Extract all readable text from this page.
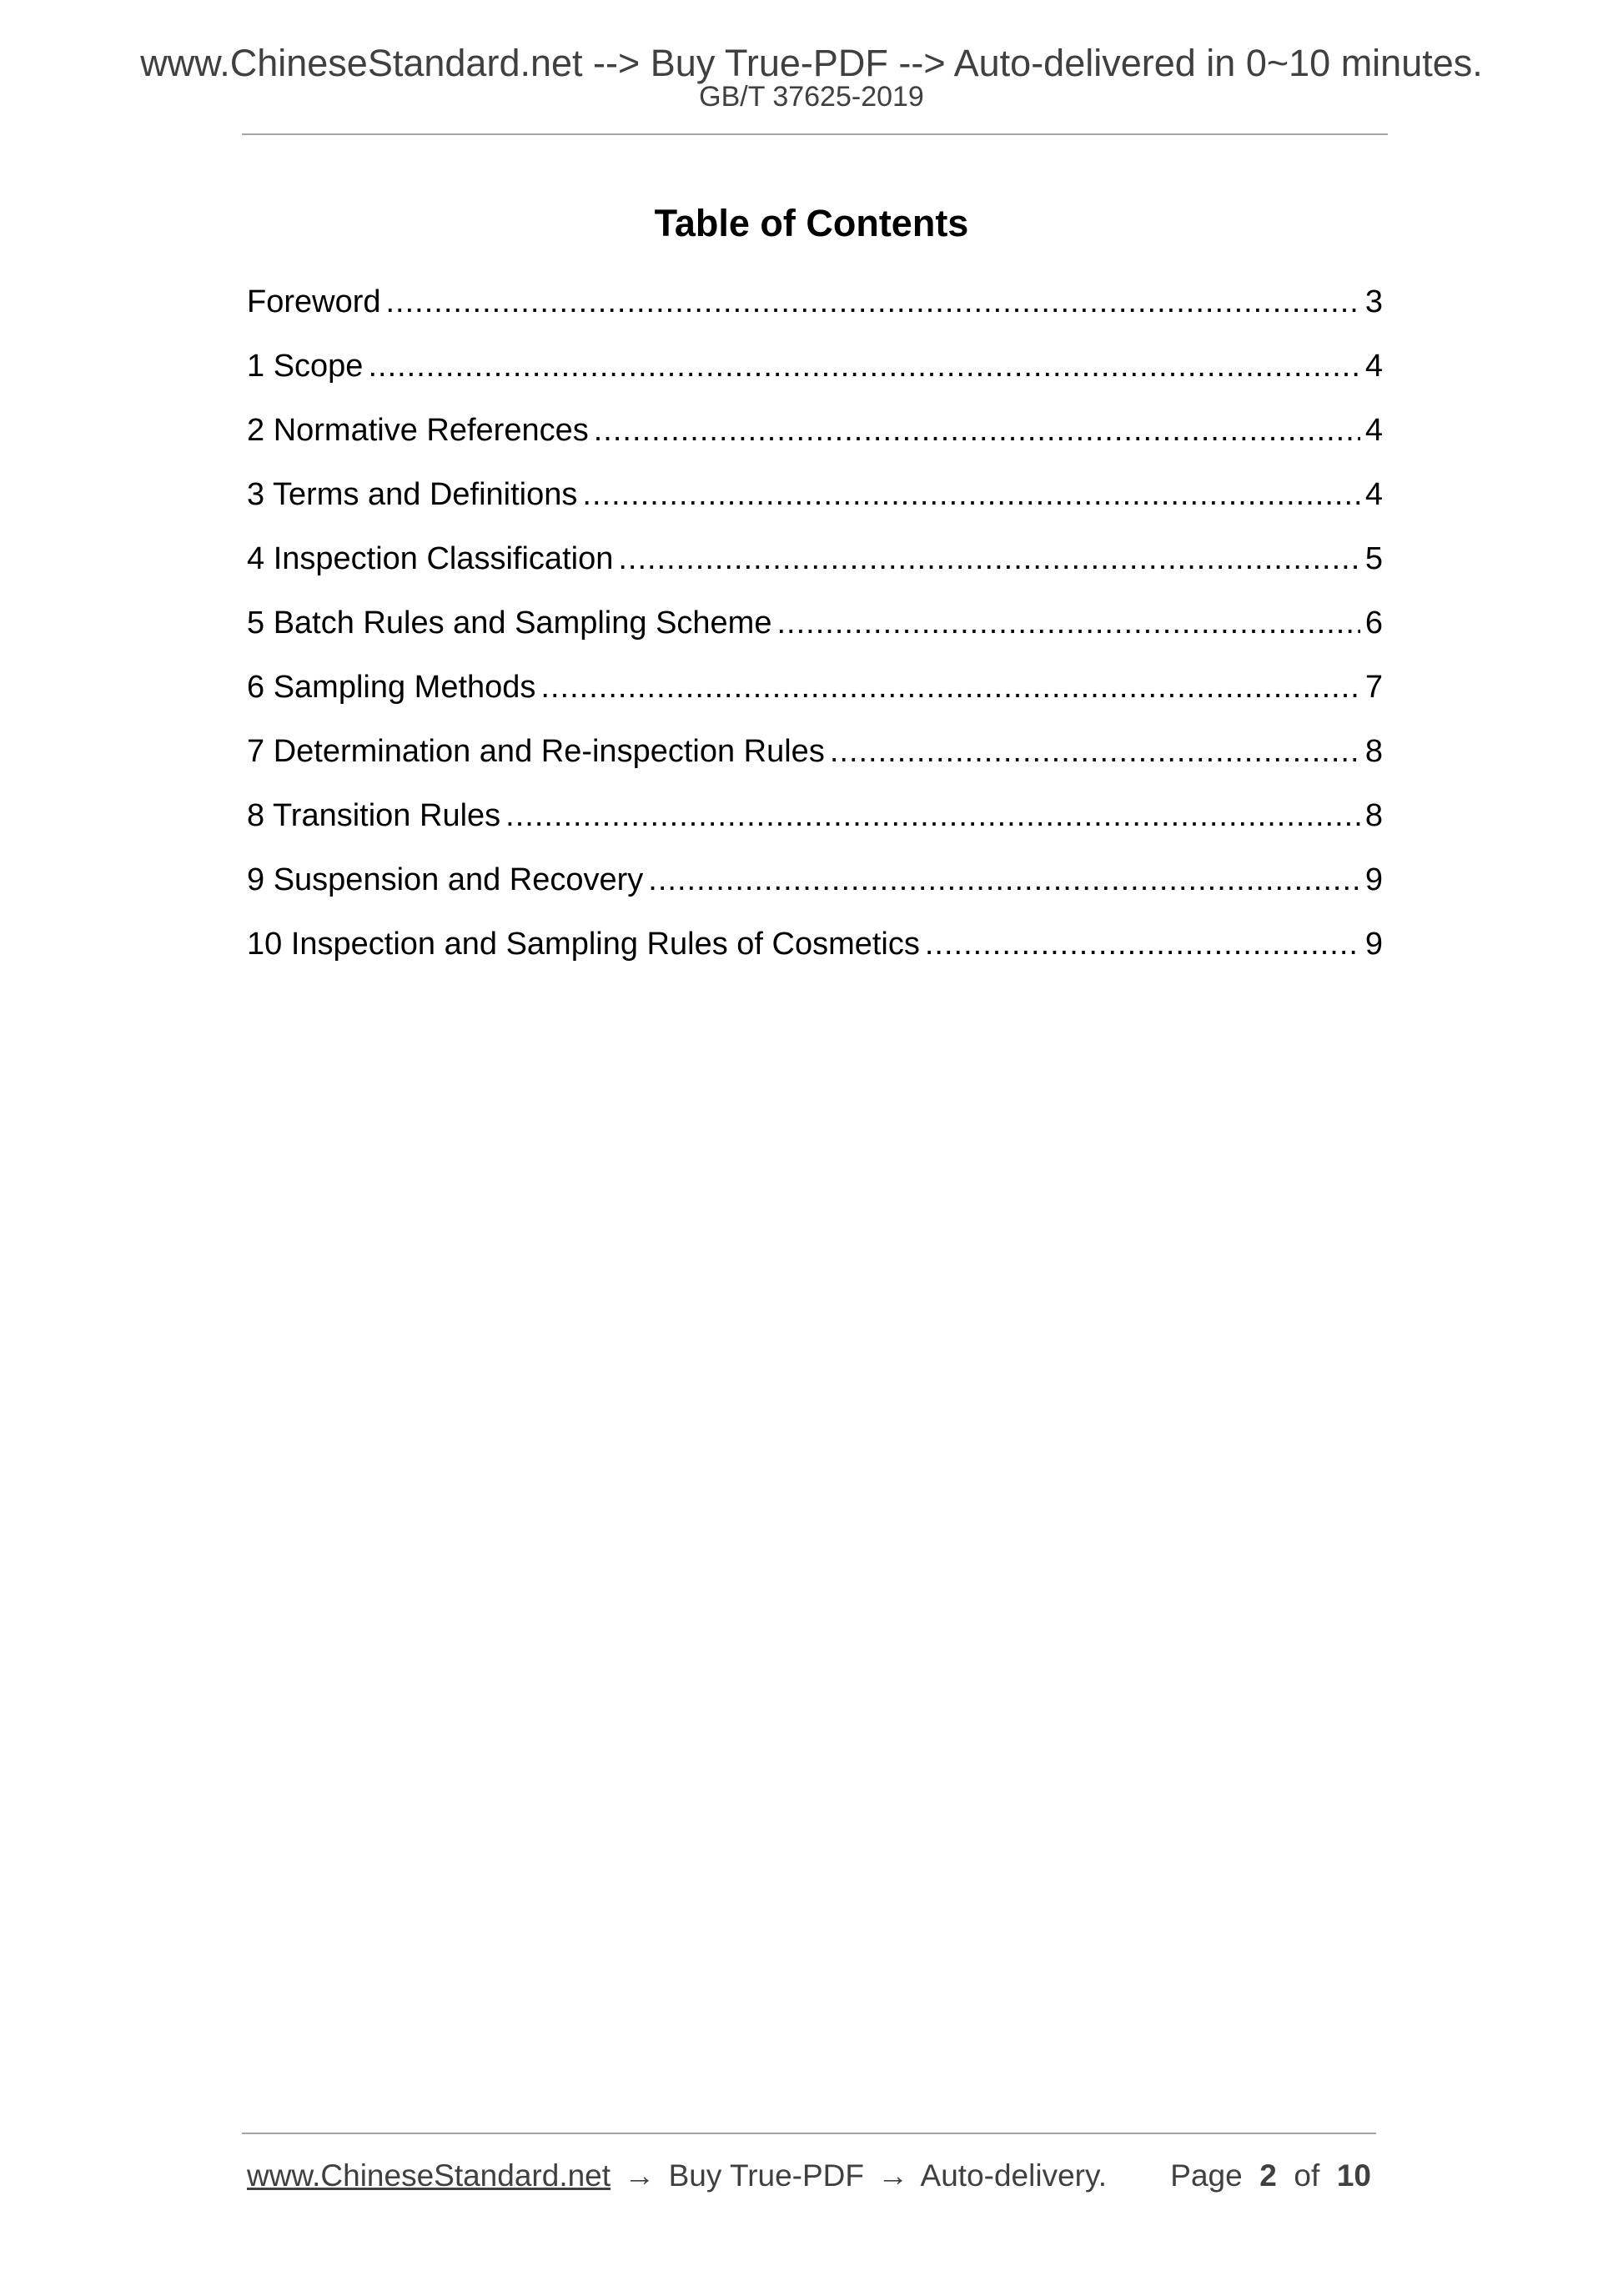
www.ChineseStandard.net --> Buy True-PDF --> Auto-delivered in 0~10 minutes.
GB/T 37625-2019
Table of Contents
Foreword .....	3
1 Scope .....	4
2 Normative References .....	4
3 Terms and Definitions .....	4
4 Inspection Classification .....	5
5 Batch Rules and Sampling Scheme .....	6
6 Sampling Methods .....	7
7 Determination and Re-inspection Rules .....	8
8 Transition Rules .....	8
9 Suspension and Recovery .....	9
10 Inspection and Sampling Rules of Cosmetics .....	9
www.ChineseStandard.net → Buy True-PDF → Auto-delivery. Page 2 of 10
